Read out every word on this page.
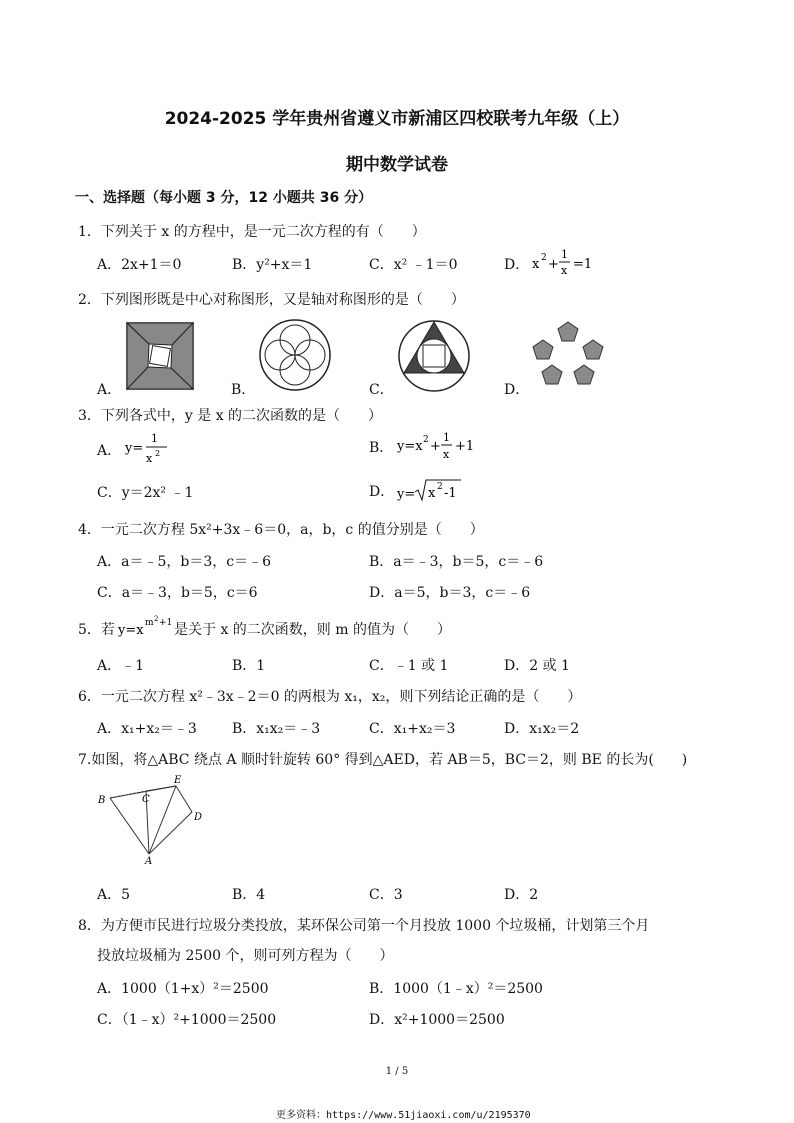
2024-2025 学年贵州省遵义市新浦区四校联考九年级（上）
期中数学试卷
一、选择题（每小题 3 分，12 小题共 36 分）
1．下列关于 x 的方程中，是一元二次方程的有（　　）
A．2x+1＝0	B．y²+x＝1	C．x² ﹣1＝0	D． x 2 +
1
x =1
2．下列图形既是中心对称图形，又是轴对称图形的是（　　）
A．	B．	C．	D．
3．下列各式中，y 是 x 的二次函数的是（　　）
A． y=
1
x 2	B． y=x 2 +
1
x
+1
C．y＝2x² ﹣1	D． y= x 2 -1
4．一元二次方程 5x²+3x﹣6＝0，a，b，c 的值分别是（　　）
A．a＝﹣5，b＝3，c＝﹣6	B．a＝﹣3，b＝5，c＝﹣6
C．a＝﹣3，b＝5，c＝6	D．a＝5，b＝3，c＝﹣6
5．若 y=x m 2 +1 是关于 x 的二次函数，则 m 的值为（　　）
A．﹣1	B．1	C．﹣1 或 1	D．2 或 1
6．一元二次方程 x²﹣3x﹣2＝0 的两根为 x₁，x₂，则下列结论正确的是（　　）
A．x₁+x₂＝﹣3	B．x₁x₂＝﹣3	C．x₁+x₂＝3	D．x₁x₂＝2
7.如图，将△ABC 绕点 A 顺时针旋转 60° 得到△AED，若 AB＝5，BC＝2，则 BE 的长为(　　)
B	C
E
D
A
A．5	B．4	C．3	D．2
8．为方便市民进行垃圾分类投放，某环保公司第一个月投放 1000 个垃圾桶，计划第三个月
投放垃圾桶为 2500 个，则可列方程为（　　）
A．1000（1+x）²＝2500	B．1000（1﹣x）²＝2500
C．（1﹣x）²+1000＝2500	D．x²+1000＝2500
1 / 5
更多资料：https://www.51jiaoxi.com/u/2195370
